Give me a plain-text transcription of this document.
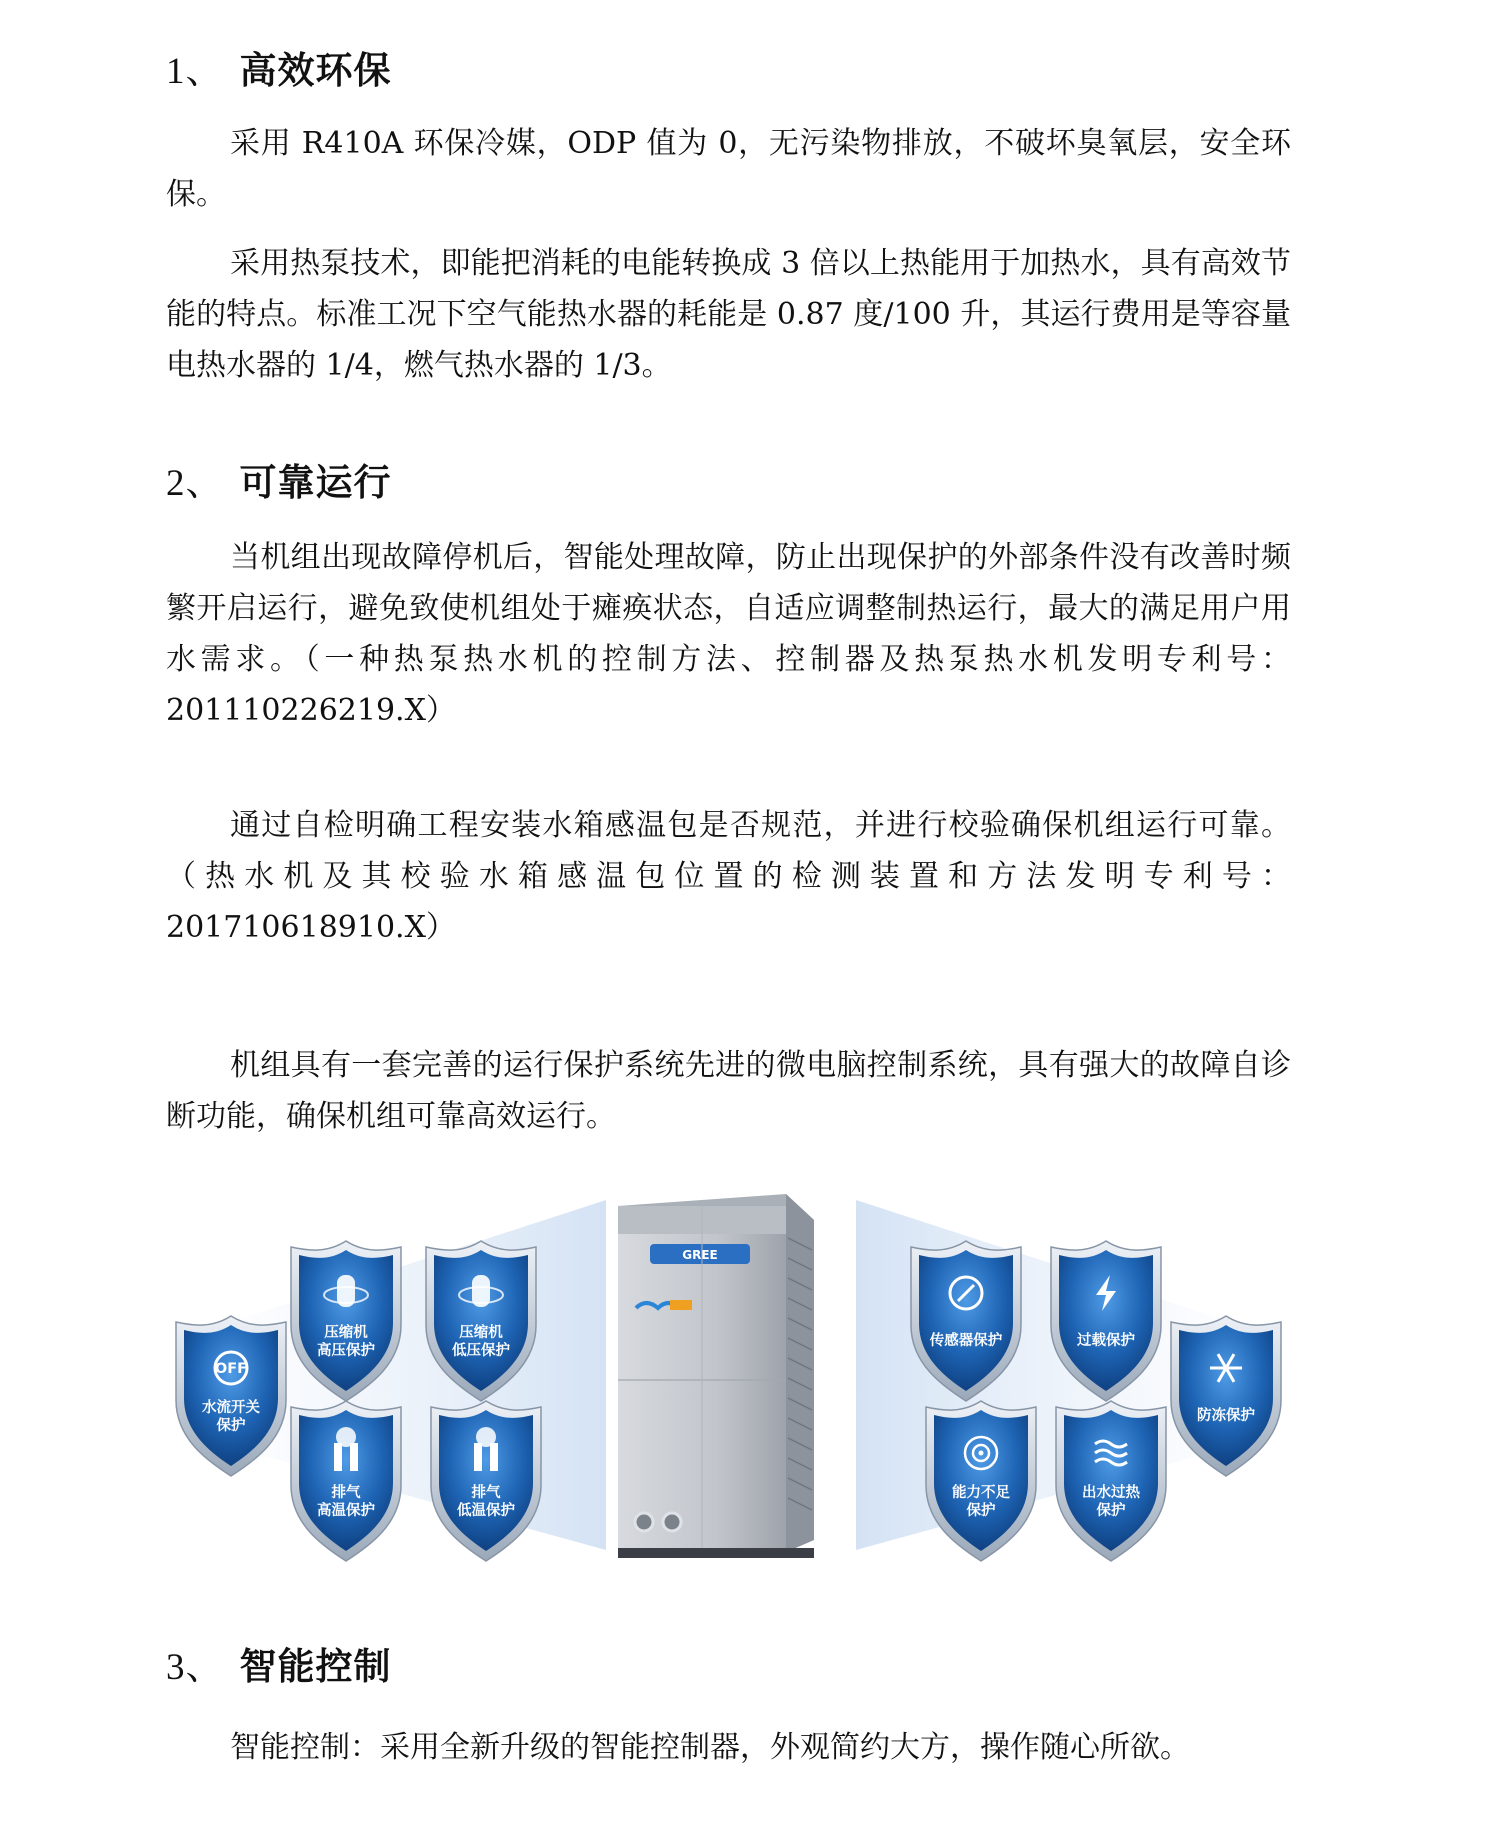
1、 高效环保

采用 R410A 环保冷媒，ODP 值为 0，无污染物排放，不破坏臭氧层，安全环保。

采用热泵技术，即能把消耗的电能转换成 3 倍以上热能用于加热水，具有高效节能的特点。标准工况下空气能热水器的耗能是 0.87 度/100 升，其运行费用是等容量电热水器的 1/4，燃气热水器的 1/3。

2、 可靠运行

当机组出现故障停机后，智能处理故障，防止出现保护的外部条件没有改善时频繁开启运行，避免致使机组处于瘫痪状态，自适应调整制热运行，最大的满足用户用水需求。（一种热泵热水机的控制方法、控制器及热泵热水机发明专利号：201110226219.X）

通过自检明确工程安装水箱感温包是否规范，并进行校验确保机组运行可靠。（热水机及其校验水箱感温包位置的检测装置和方法发明专利号：201710618910.X）

机组具有一套完善的运行保护系统先进的微电脑控制系统，具有强大的故障自诊断功能，确保机组可靠高效运行。

GREE
压缩机
高压保护
压缩机
低压保护
OFF
水流开关
保护
排气
高温保护
排气
低温保护
传感器保护	过载保护
防冻保护
能力不足
保护
出水过热
保护
3、 智能控制

智能控制：采用全新升级的智能控制器，外观简约大方，操作随心所欲。
